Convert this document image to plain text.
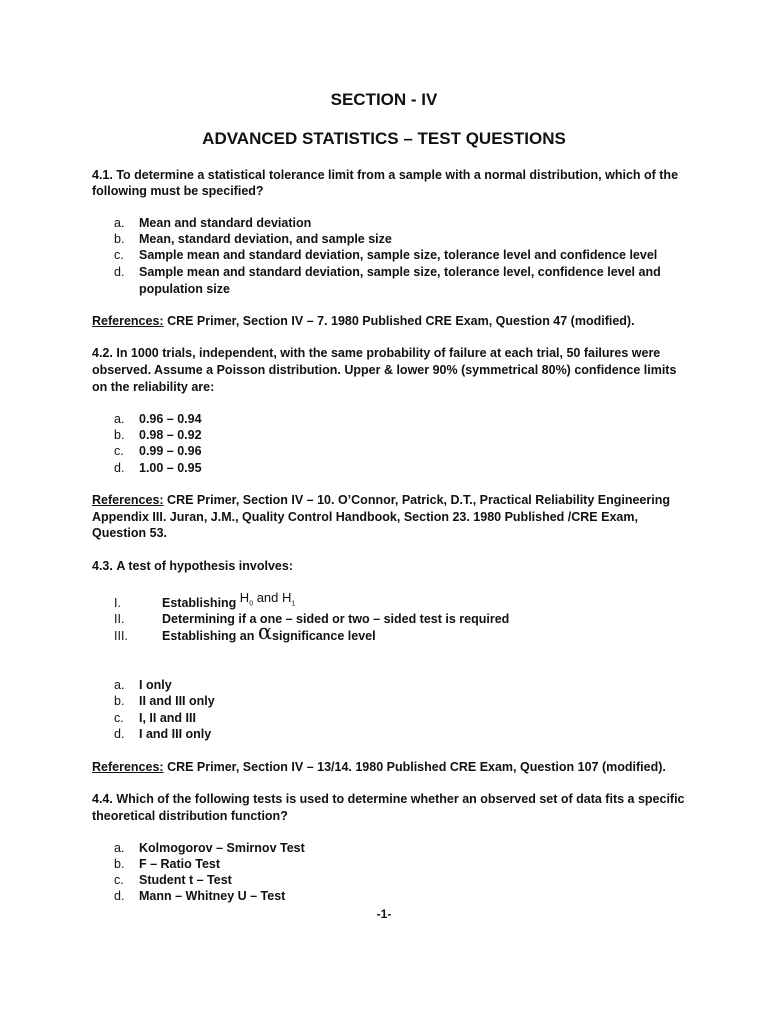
SECTION - IV
ADVANCED STATISTICS – TEST QUESTIONS
4.1. To determine a statistical tolerance limit from a sample with a normal distribution, which of the
following must be specified?
a. Mean and standard deviation
b. Mean, standard deviation, and sample size
c. Sample mean and standard deviation, sample size, tolerance level and confidence level
d. Sample mean and standard deviation, sample size, tolerance level, confidence level and
population size
References: CRE Primer, Section IV – 7. 1980 Published CRE Exam, Question 47 (modified).
4.2. In 1000 trials, independent, with the same probability of failure at each trial, 50 failures were
observed. Assume a Poisson distribution. Upper & lower 90% (symmetrical 80%) confidence limits
on the reliability are:
a. 0.96 – 0.94
b. 0.98 – 0.92
c. 0.99 – 0.96
d. 1.00 – 0.95
References: CRE Primer, Section IV – 10. O’Connor, Patrick, D.T., Practical Reliability Engineering
Appendix III. Juran, J.M., Quality Control Handbook, Section 23. 1980 Published /CRE Exam,
Question 53.
4.3. A test of hypothesis involves:
I.	Establishing $H_0$ and $H_1$
II.	Determining if a one – sided or two – sided test is required
III.	Establishing an αsignificance level
a. I only
b. II and III only
c. I, II and III
d. I and III only
References: CRE Primer, Section IV – 13/14. 1980 Published CRE Exam, Question 107 (modified).
4.4. Which of the following tests is used to determine whether an observed set of data fits a specific
theoretical distribution function?
a. Kolmogorov – Smirnov Test
b. F – Ratio Test
c. Student t – Test
d. Mann – Whitney U – Test
-1-
